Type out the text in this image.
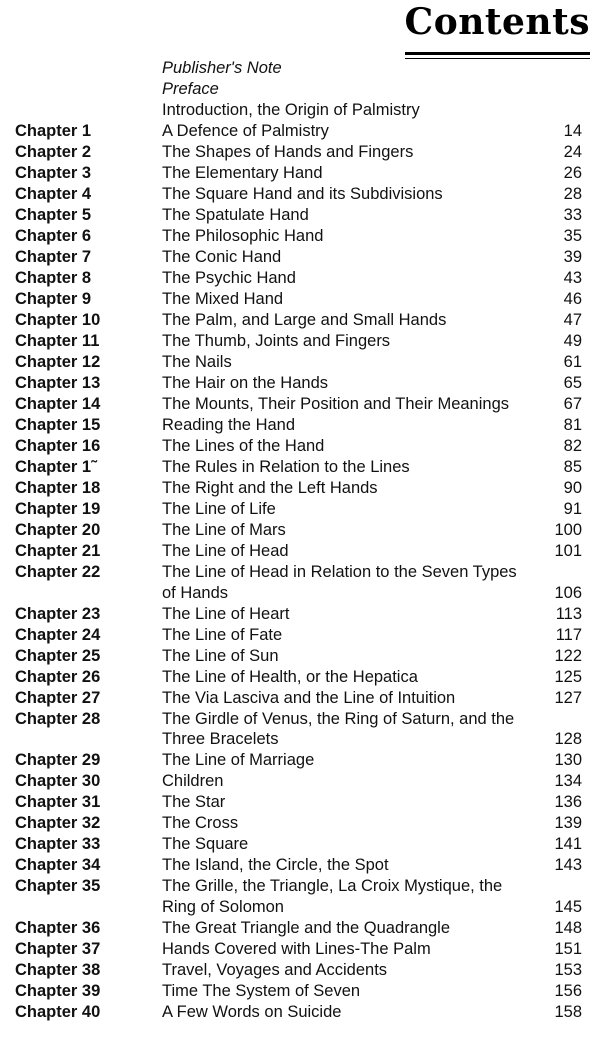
Contents
Publisher's Note
Preface
Introduction, the Origin of Palmistry
Chapter 1	A Defence of Palmistry	14
Chapter 2	The Shapes of Hands and Fingers	24
Chapter 3	The Elementary Hand	26
Chapter 4	The Square Hand and its Subdivisions	28
Chapter 5	The Spatulate Hand	33
Chapter 6	The Philosophic Hand	35
Chapter 7	The Conic Hand	39
Chapter 8	The Psychic Hand	43
Chapter 9	The Mixed Hand	46
Chapter 10	The Palm, and Large and Small Hands	47
Chapter 11	The Thumb, Joints and Fingers	49
Chapter 12	The Nails	61
Chapter 13	The Hair on the Hands	65
Chapter 14	The Mounts, Their Position and Their Meanings	67
Chapter 15	Reading the Hand	81
Chapter 16	The Lines of the Hand	82
Chapter 1˜	The Rules in Relation to the Lines	85
Chapter 18	The Right and the Left Hands	90
Chapter 19	The Line of Life	91
Chapter 20	The Line of Mars	100
Chapter 21	The Line of Head	101
Chapter 22	The Line of Head in Relation to the Seven Types of Hands	106
Chapter 23	The Line of Heart	113
Chapter 24	The Line of Fate	117
Chapter 25	The Line of Sun	122
Chapter 26	The Line of Health, or the Hepatica	125
Chapter 27	The Via Lasciva and the Line of Intuition	127
Chapter 28	The Girdle of Venus, the Ring of Saturn, and the Three Bracelets	128
Chapter 29	The Line of Marriage	130
Chapter 30	Children	134
Chapter 31	The Star	136
Chapter 32	The Cross	139
Chapter 33	The Square	141
Chapter 34	The Island, the Circle, the Spot	143
Chapter 35	The Grille, the Triangle, La Croix Mystique, the Ring of Solomon	145
Chapter 36	The Great Triangle and the Quadrangle	148
Chapter 37	Hands Covered with Lines-The Palm	151
Chapter 38	Travel, Voyages and Accidents	153
Chapter 39	Time The System of Seven	156
Chapter 40	A Few Words on Suicide	158
